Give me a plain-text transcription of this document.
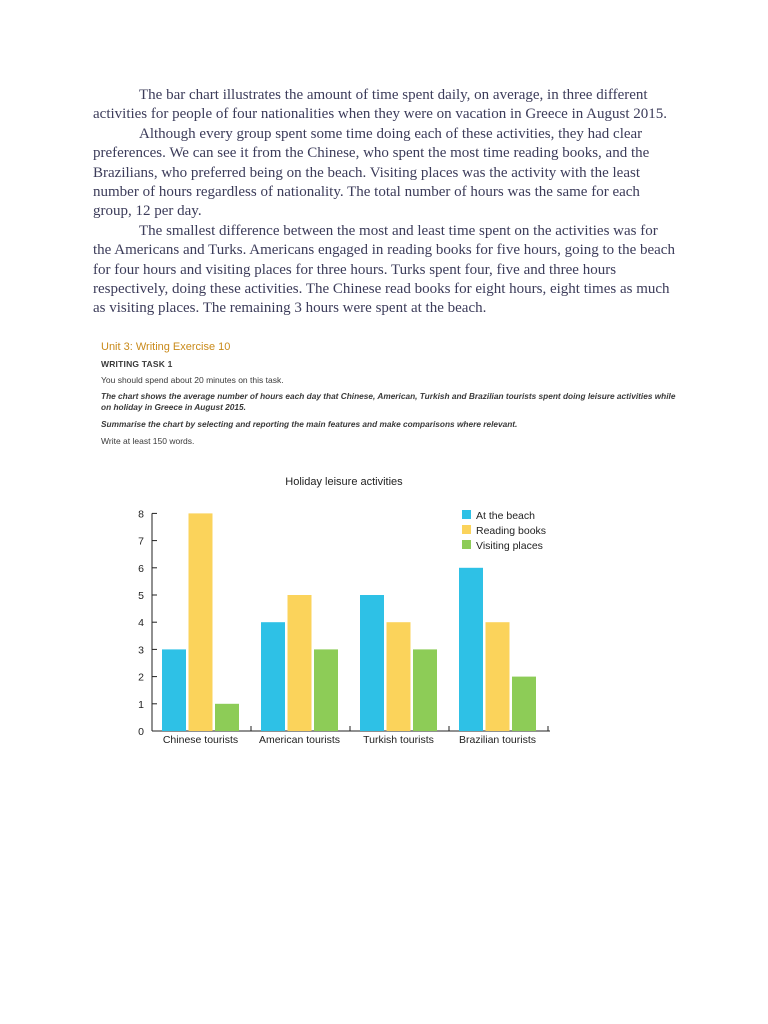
The bar chart illustrates the amount of time spent daily, on average, in three different activities for people of four nationalities when they were on vacation in Greece in August 2015.

Although every group spent some time doing each of these activities, they had clear preferences. We can see it from the Chinese, who spent the most time reading books, and the Brazilians, who preferred being on the beach. Visiting places was the activity with the least number of hours regardless of nationality. The total number of hours was the same for each group, 12 per day.

The smallest difference between the most and least time spent on the activities was for the Americans and Turks. Americans engaged in reading books for five hours, going to the beach for four hours and visiting places for three hours. Turks spent four, five and three hours respectively, doing these activities. The Chinese read books for eight hours, eight times as much as visiting places. The remaining 3 hours were spent at the beach.

Unit 3: Writing Exercise 10
WRITING TASK 1
You should spend about 20 minutes on this task.
The chart shows the average number of hours each day that Chinese, American, Turkish and Brazilian tourists spent doing leisure activities while on holiday in Greece in August 2015.
Summarise the chart by selecting and reporting the main features and make comparisons where relevant.
Write at least 150 words.
Holiday leisure activities
0
1
2
3
4
5
6
7
8
Chinese tourists American tourists Turkish tourists Brazilian tourists
At the beach
Reading books
Visiting places
